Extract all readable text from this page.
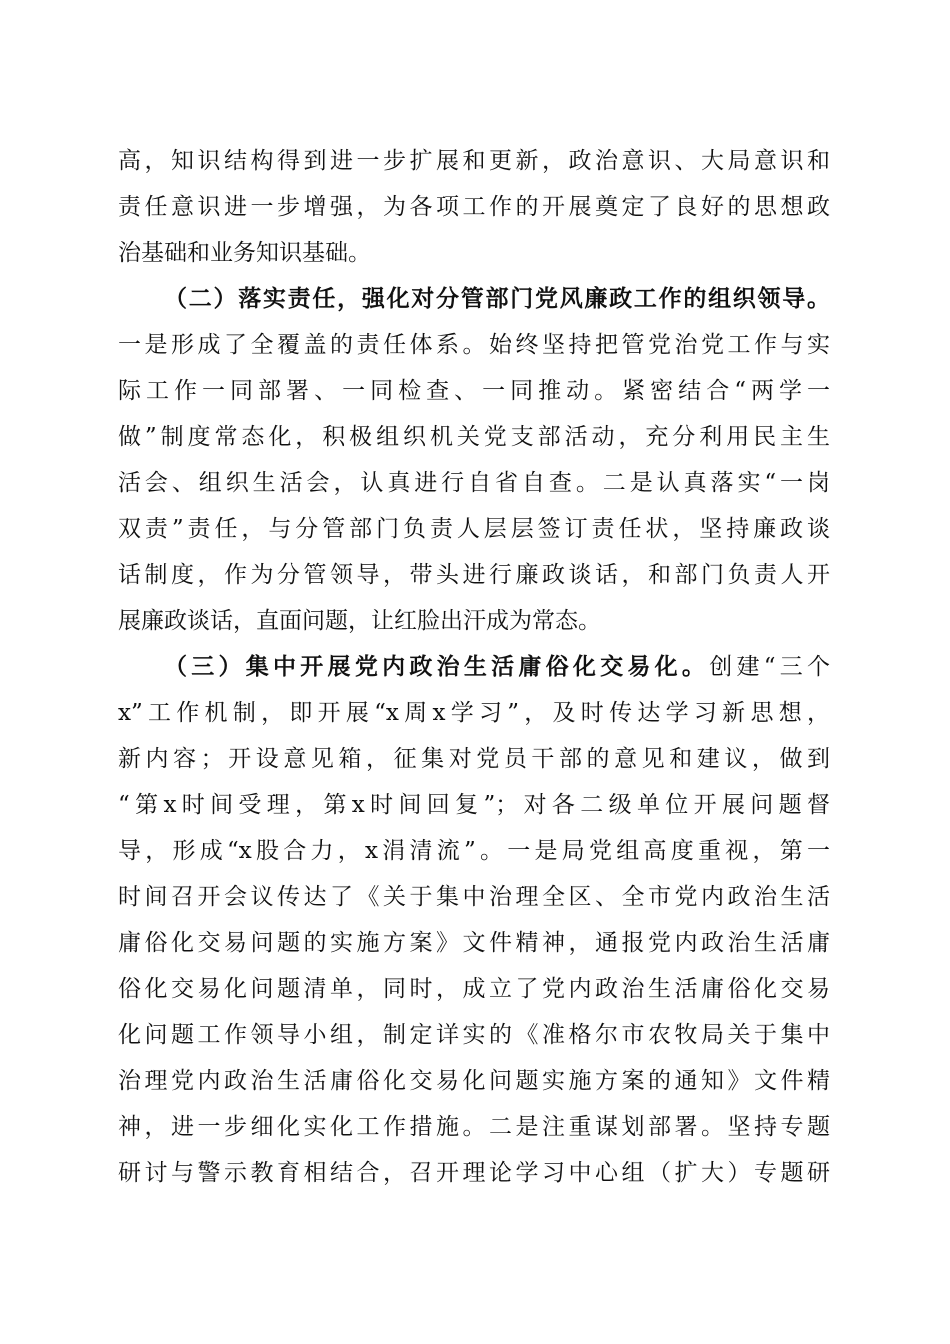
高，知识结构得到进一步扩展和更新，政治意识、大局意识和
责任意识进一步增强，为各项工作的开展奠定了良好的思想政
治基础和业务知识基础。
（二）落实责任，强化对分管部门党风廉政工作的组织领导。
一是形成了全覆盖的责任体系。始终坚持把管党治党工作与实
际工作一同部署、一同检查、一同推动。紧密结合“两学一
做”制度常态化，积极组织机关党支部活动，充分利用民主生
活会、组织生活会，认真进行自省自查。二是认真落实“一岗
双责”责任，与分管部门负责人层层签订责任状，坚持廉政谈
话制度，作为分管领导，带头进行廉政谈话，和部门负责人开
展廉政谈话，直面问题，让红脸出汗成为常态。
（三）集中开展党内政治生活庸俗化交易化。创建“三个
x”工作机制，即开展“x周x学习”，及时传达学习新思想，
新内容；开设意见箱，征集对党员干部的意见和建议，做到
“第x时间受理，第x时间回复”；对各二级单位开展问题督
导，形成“x股合力，x涓清流”。一是局党组高度重视，第一
时间召开会议传达了《关于集中治理全区、全市党内政治生活
庸俗化交易问题的实施方案》文件精神，通报党内政治生活庸
俗化交易化问题清单，同时，成立了党内政治生活庸俗化交易
化问题工作领导小组，制定详实的《准格尔市农牧局关于集中
治理党内政治生活庸俗化交易化问题实施方案的通知》文件精
神，进一步细化实化工作措施。二是注重谋划部署。坚持专题
研讨与警示教育相结合，召开理论学习中心组（扩大）专题研
